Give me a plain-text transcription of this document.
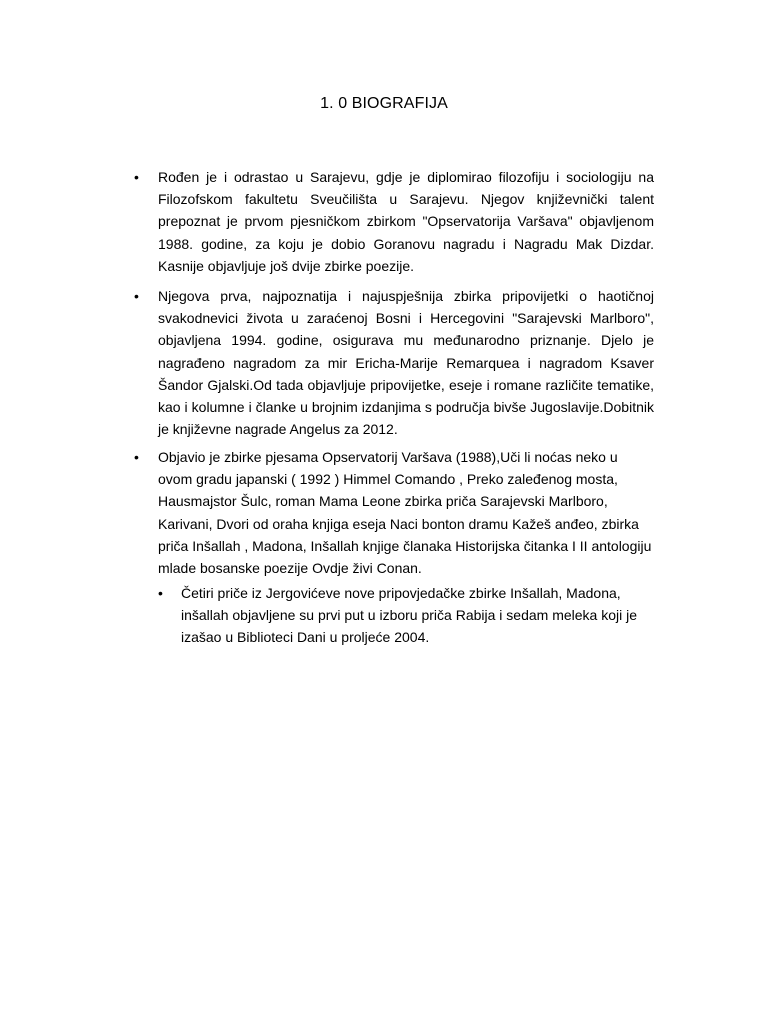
1. 0 BIOGRAFIJA
• Rođen je i odrastao u Sarajevu, gdje je diplomirao filozofiju i sociologiju na Filozofskom fakultetu Sveučilišta u Sarajevu. Njegov književnički talent prepoznat je prvom pjesničkom zbirkom "Opservatorija Varšava" objavljenom 1988. godine, za koju je dobio Goranovu nagradu i Nagradu Mak Dizdar. Kasnije objavljuje još dvije zbirke poezije.

• Njegova prva, najpoznatija i najuspješnija zbirka pripovijetki o haotičnoj svakodnevici života u zaraćenoj Bosni i Hercegovini "Sarajevski Marlboro", objavljena 1994. godine, osigurava mu međunarodno priznanje. Djelo je nagrađeno nagradom za mir Ericha-Marije Remarquea i nagradom Ksaver Šandor Gjalski.Od tada objavljuje pripovijetke, eseje i romane različite tematike, kao i kolumne i članke u brojnim izdanjima s područja bivše Jugoslavije.Dobitnik je književne nagrade Angelus za 2012.

• Objavio je zbirke pjesama Opservatorij Varšava (1988),Uči li noćas neko u ovom gradu japanski ( 1992 ) Himmel Comando , Preko zaleđenog mosta, Hausmajstor Šulc, roman Mama Leone zbirka priča Sarajevski Marlboro, Karivani, Dvori od oraha knjiga eseja Naci bonton dramu Kažeš anđeo, zbirka priča Inšallah , Madona, Inšallah knjige članaka Historijska čitanka I II antologiju mlade bosanske poezije Ovdje živi Conan.

• Četiri priče iz Jergovićeve nove pripovjedačke zbirke Inšallah, Madona, inšallah objavljene su prvi put u izboru priča Rabija i sedam meleka koji je izašao u Biblioteci Dani u proljeće 2004.
